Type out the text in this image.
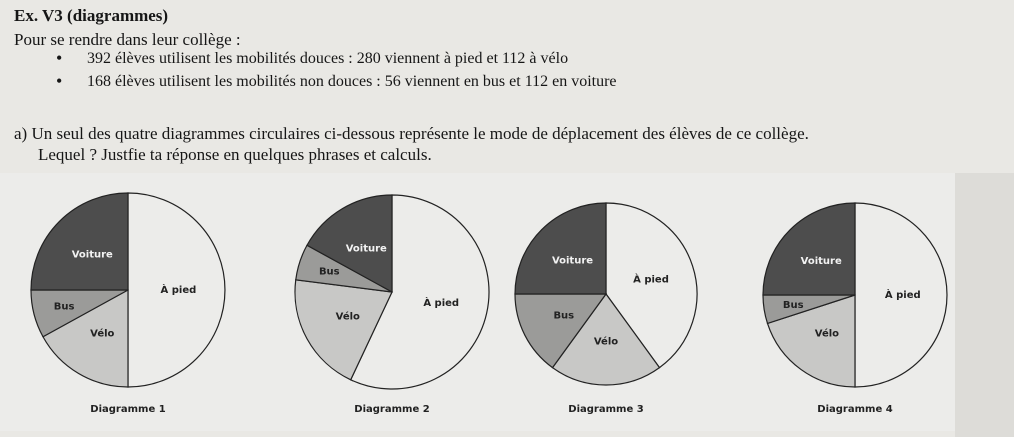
Ex. V3 (diagrammes)
Pour se rendre dans leur collège :
• 392 élèves utilisent les mobilités douces : 280 viennent à pied et 112 à vélo
• 168 élèves utilisent les mobilités non douces : 56 viennent en bus et 112 en voiture
a) Un seul des quatre diagrammes circulaires ci-dessous représente le mode de déplacement des élèves de ce collège.
Lequel ? Justfie ta réponse en quelques phrases et calculs.
À pied
Vélo
Bus
Voiture
Diagramme 1
À pied
Vélo
Bus
Voiture
Diagramme 2
À pied
Vélo
Bus
Voiture
Diagramme 3
À pied
Vélo
Bus
Voiture
Diagramme 4
